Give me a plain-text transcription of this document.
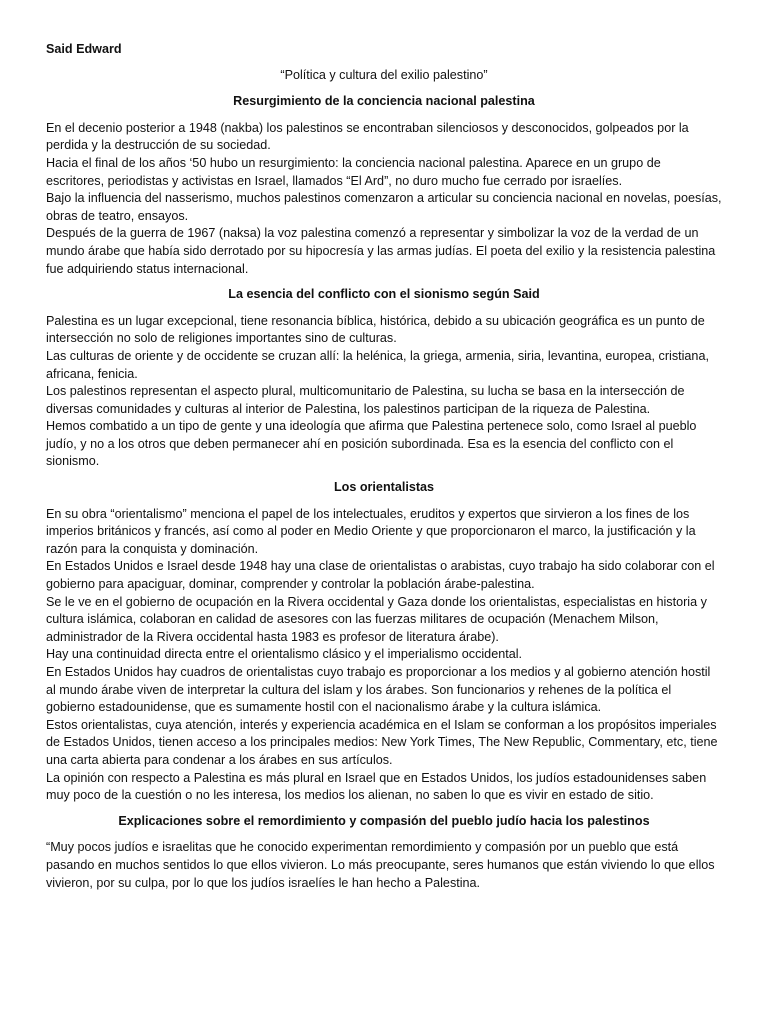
Said Edward

“Política y cultura del exilio palestino”

Resurgimiento de la conciencia nacional palestina

En el decenio posterior a 1948 (nakba) los palestinos se encontraban silenciosos y desconocidos, golpeados por la perdida y la destrucción de su sociedad.

Hacia el final de los años ‘50 hubo un resurgimiento: la conciencia nacional palestina. Aparece en un grupo de escritores, periodistas y activistas en Israel, llamados “El Ard”, no duro mucho fue cerrado por israelíes.

Bajo la influencia del nasserismo, muchos palestinos comenzaron a articular su conciencia nacional en novelas, poesías, obras de teatro, ensayos.

Después de la guerra de 1967 (naksa) la voz palestina comenzó a representar y simbolizar la voz de la verdad de un mundo árabe que había sido derrotado por su hipocresía y las armas judías. El poeta del exilio y la resistencia palestina fue adquiriendo status internacional.

La esencia del conflicto con el sionismo según Said

Palestina es un lugar excepcional, tiene resonancia bíblica, histórica, debido a su ubicación geográfica es un punto de intersección no solo de religiones importantes sino de culturas.

Las culturas de oriente y de occidente se cruzan allí: la helénica, la griega, armenia, siria, levantina, europea, cristiana, africana, fenicia.

Los palestinos representan el aspecto plural, multicomunitario de Palestina, su lucha se basa en la intersección de diversas comunidades y culturas al interior de Palestina, los palestinos participan de la riqueza de Palestina.

Hemos combatido a un tipo de gente y una ideología que afirma que Palestina pertenece solo, como Israel al pueblo judío, y no a los otros que deben permanecer ahí en posición subordinada. Esa es la esencia del conflicto con el sionismo.

Los orientalistas

En su obra “orientalismo” menciona el papel de los intelectuales, eruditos y expertos que sirvieron a los fines de los imperios británicos y francés, así como al poder en Medio Oriente y que proporcionaron el marco, la justificación y la razón para la conquista y dominación.

En Estados Unidos e Israel desde 1948 hay una clase de orientalistas o arabistas, cuyo trabajo ha sido colaborar con el gobierno para apaciguar, dominar, comprender y controlar la población árabe-palestina.

Se le ve en el gobierno de ocupación en la Rivera occidental y Gaza donde los orientalistas, especialistas en historia y cultura islámica, colaboran en calidad de asesores con las fuerzas militares de ocupación (Menachem Milson, administrador de la Rivera occidental hasta 1983 es profesor de literatura árabe).

Hay una continuidad directa entre el orientalismo clásico y el imperialismo occidental.

En Estados Unidos hay cuadros de orientalistas cuyo trabajo es proporcionar a los medios y al gobierno atención hostil al mundo árabe viven de interpretar la cultura del islam y los árabes. Son funcionarios y rehenes de la política el gobierno estadounidense, que es sumamente hostil con el nacionalismo árabe y la cultura islámica.

Estos orientalistas, cuya atención, interés y experiencia académica en el Islam se conforman a los propósitos imperiales de Estados Unidos, tienen acceso a los principales medios: New York Times, The New Republic, Commentary, etc, tiene una carta abierta para condenar a los árabes en sus artículos.

La opinión con respecto a Palestina es más plural en Israel que en Estados Unidos, los judíos estadounidenses saben muy poco de la cuestión o no les interesa, los medios los alienan, no saben lo que es vivir en estado de sitio.

Explicaciones sobre el remordimiento y compasión del pueblo judío hacia los palestinos

“Muy pocos judíos e israelitas que he conocido experimentan remordimiento y compasión por un pueblo que está pasando en muchos sentidos lo que ellos vivieron. Lo más preocupante, seres humanos que están viviendo lo que ellos vivieron, por su culpa, por lo que los judíos israelíes le han hecho a Palestina.
